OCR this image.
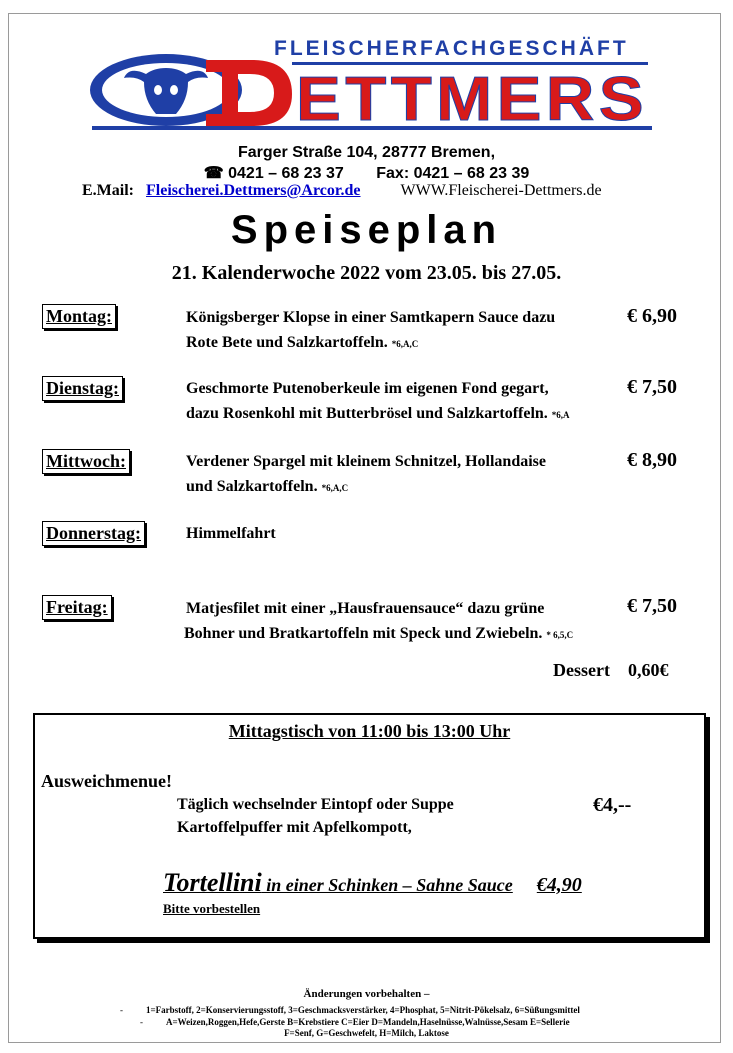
FLEISCHERFACHGESCHÄFT
ETTMERS
Farger Straße 104, 28777 Bremen,
☎ 0421 – 68 23 37 Fax: 0421 – 68 23 39
E.Mail: Fleischerei.Dettmers@Arcor.de	WWW.Fleischerei-Dettmers.de
Speiseplan
21. Kalenderwoche 2022 vom 23.05. bis 27.05.
Montag:	Königsberger Klopse in einer Samtkapern Sauce dazu
Rote Bete und Salzkartoffeln. *6,A,C
€ 6,90
Dienstag:	Geschmorte Putenoberkeule im eigenen Fond gegart,
dazu Rosenkohl mit Butterbrösel und Salzkartoffeln. *6,A
€ 7,50
Mittwoch:	Verdener Spargel mit kleinem Schnitzel, Hollandaise
und Salzkartoffeln. *6,A,C
€ 8,90
Donnerstag:	Himmelfahrt
Freitag:	Matjesfilet mit einer „Hausfrauensauce“ dazu grüne
Bohner und Bratkartoffeln mit Speck und Zwiebeln. * 6,5,C
€ 7,50
Dessert 0,60€
Mittagstisch von 11:00 bis 13:00 Uhr
Ausweichmenue!
Täglich wechselnder Eintopf oder Suppe
Kartoffelpuffer mit Apfelkompott,
€4,--
Tortellini in einer Schinken – Sahne Sauce €4,90
Bitte vorbestellen
Änderungen vorbehalten –
-	1=Farbstoff, 2=Konservierungsstoff, 3=Geschmacksverstärker, 4=Phosphat, 5=Nitrit-Pökelsalz, 6=Süßungsmittel
-	A=Weizen,Roggen,Hefe,Gerste B=Krebstiere C=Eier D=Mandeln,Haselnüsse,Walnüsse,Sesam E=Sellerie
F=Senf, G=Geschwefelt, H=Milch, Laktose
